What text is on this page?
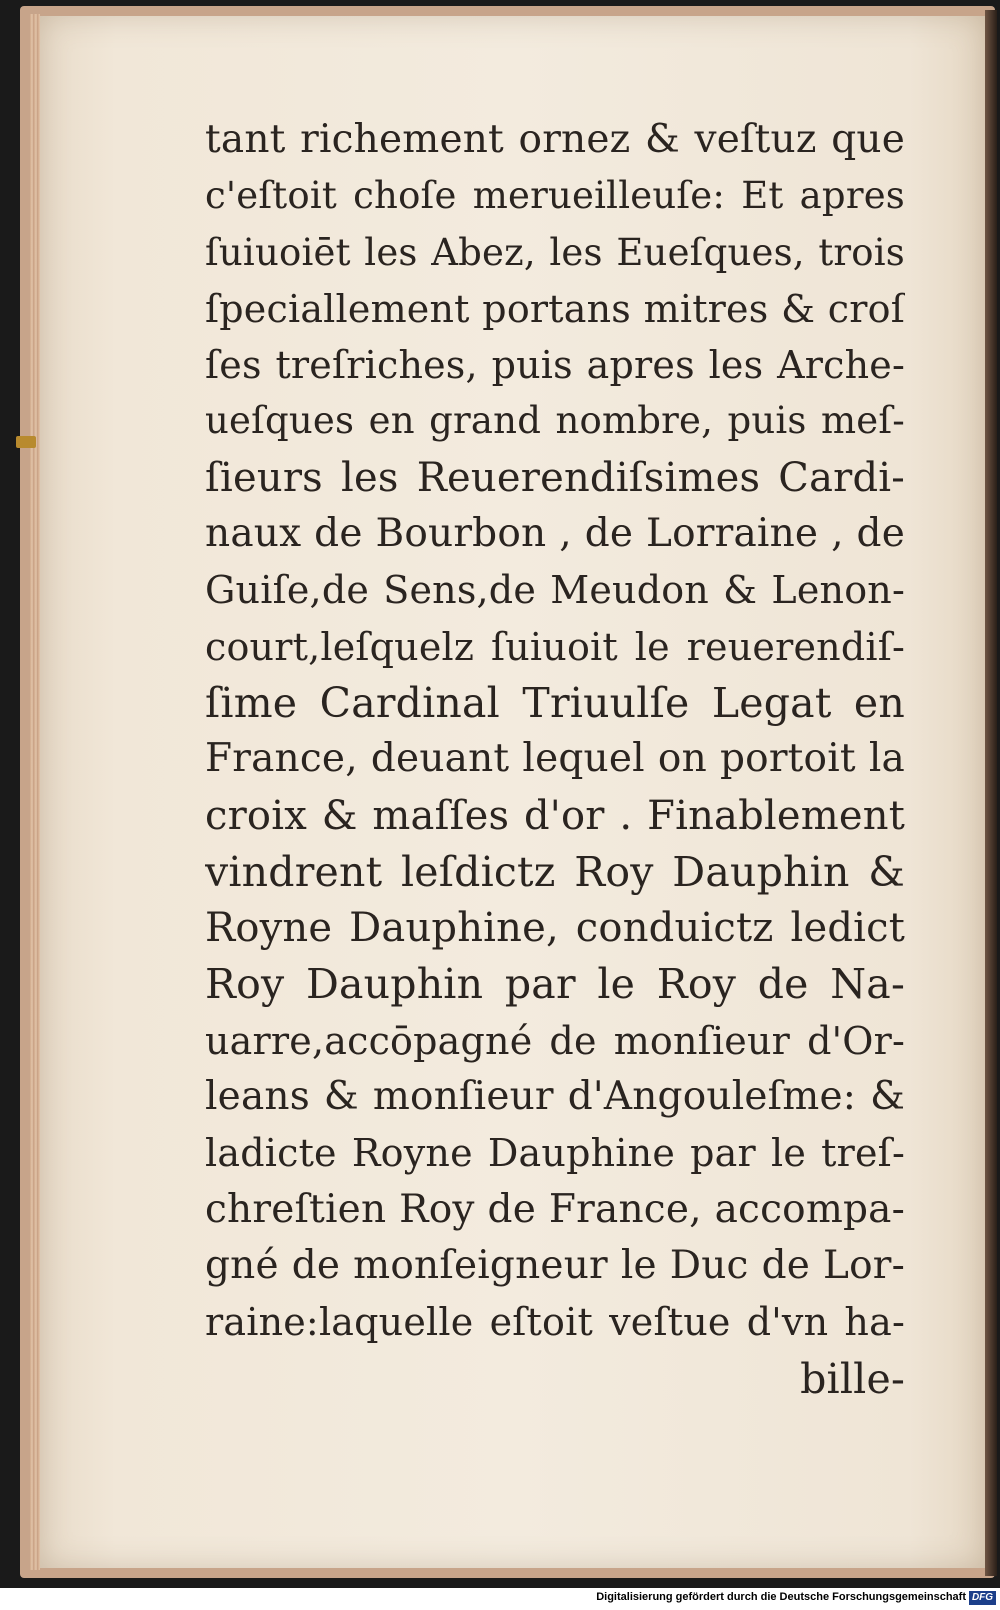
tant richement ornez & veſtuz que
c'eſtoit choſe merueilleuſe: Et apres
ſuiuoiēt les Abez, les Eueſques, trois
ſpeciallement portans mitres & croſ
ſes treſriches, puis apres les Arche-
ueſques en grand nombre, puis meſ-
ſieurs les Reuerendiſsimes Cardi-
naux de Bourbon , de Lorraine , de
Guiſe,de Sens,de Meudon & Lenon-
court,leſquelz ſuiuoit le reuerendiſ-
ſime Cardinal Triuulſe Legat en
France, deuant lequel on portoit la
croix & maſſes d'or . Finablement
vindrent leſdictz Roy Dauphin &
Royne Dauphine, conduictz ledict
Roy Dauphin par le Roy de Na-
uarre,accōpagné de monſieur d'Or-
leans & monſieur d'Angouleſme: &
ladicte Royne Dauphine par le treſ-
chreſtien Roy de France, accompa-
gné de monſeigneur le Duc de Lor-
raine:laquelle eſtoit veſtue d'vn ha-
bille-
Digitalisierung gefördert durch die Deutsche Forschungsgemeinschaft DFG
